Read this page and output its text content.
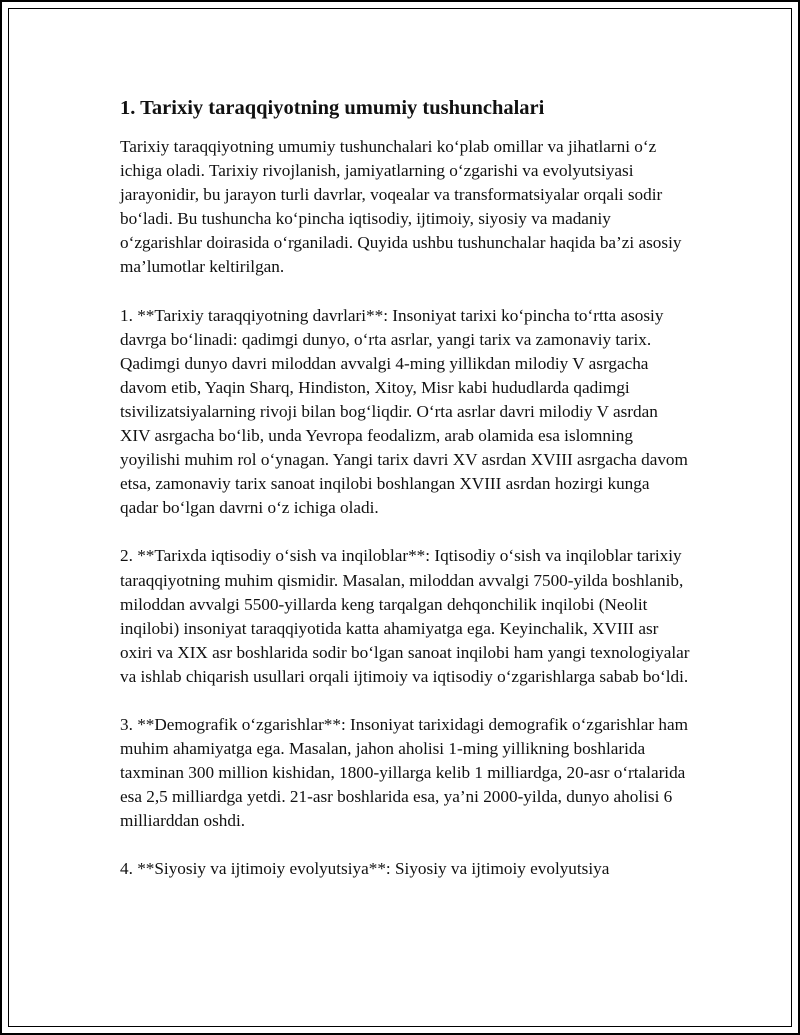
1. Tarixiy taraqqiyotning umumiy tushunchalari

Tarixiy taraqqiyotning umumiy tushunchalari ko‘plab omillar va jihatlarni o‘z ichiga oladi. Tarixiy rivojlanish, jamiyatlarning o‘zgarishi va evolyutsiyasi jarayonidir, bu jarayon turli davrlar, voqealar va transformatsiyalar orqali sodir bo‘ladi. Bu tushuncha ko‘pincha iqtisodiy, ijtimoiy, siyosiy va madaniy o‘zgarishlar doirasida o‘rganiladi. Quyida ushbu tushunchalar haqida ba’zi asosiy ma’lumotlar keltirilgan.

1. **Tarixiy taraqqiyotning davrlari**: Insoniyat tarixi ko‘pincha to‘rtta asosiy davrga bo‘linadi: qadimgi dunyo, o‘rta asrlar, yangi tarix va zamonaviy tarix. Qadimgi dunyo davri miloddan avvalgi 4-ming yillikdan milodiy V asrgacha davom etib, Yaqin Sharq, Hindiston, Xitoy, Misr kabi hududlarda qadimgi tsivilizatsiyalarning rivoji bilan bog‘liqdir. O‘rta asrlar davri milodiy V asrdan XIV asrgacha bo‘lib, unda Yevropa feodalizm, arab olamida esa islomning yoyilishi muhim rol o‘ynagan. Yangi tarix davri XV asrdan XVIII asrgacha davom etsa, zamonaviy tarix sanoat inqilobi boshlangan XVIII asrdan hozirgi kunga qadar bo‘lgan davrni o‘z ichiga oladi.

2. **Tarixda iqtisodiy o‘sish va inqiloblar**: Iqtisodiy o‘sish va inqiloblar tarixiy taraqqiyotning muhim qismidir. Masalan, miloddan avvalgi 7500-yilda boshlanib, miloddan avvalgi 5500-yillarda keng tarqalgan dehqonchilik inqilobi (Neolit inqilobi) insoniyat taraqqiyotida katta ahamiyatga ega. Keyinchalik, XVIII asr oxiri va XIX asr boshlarida sodir bo‘lgan sanoat inqilobi ham yangi texnologiyalar va ishlab chiqarish usullari orqali ijtimoiy va iqtisodiy o‘zgarishlarga sabab bo‘ldi.

3. **Demografik o‘zgarishlar**: Insoniyat tarixidagi demografik o‘zgarishlar ham muhim ahamiyatga ega. Masalan, jahon aholisi 1-ming yillikning boshlarida taxminan 300 million kishidan, 1800-yillarga kelib 1 milliardga, 20-asr o‘rtalarida esa 2,5 milliardga yetdi. 21-asr boshlarida esa, ya’ni 2000-yilda, dunyo aholisi 6 milliarddan oshdi.

4. **Siyosiy va ijtimoiy evolyutsiya**: Siyosiy va ijtimoiy evolyutsiya
